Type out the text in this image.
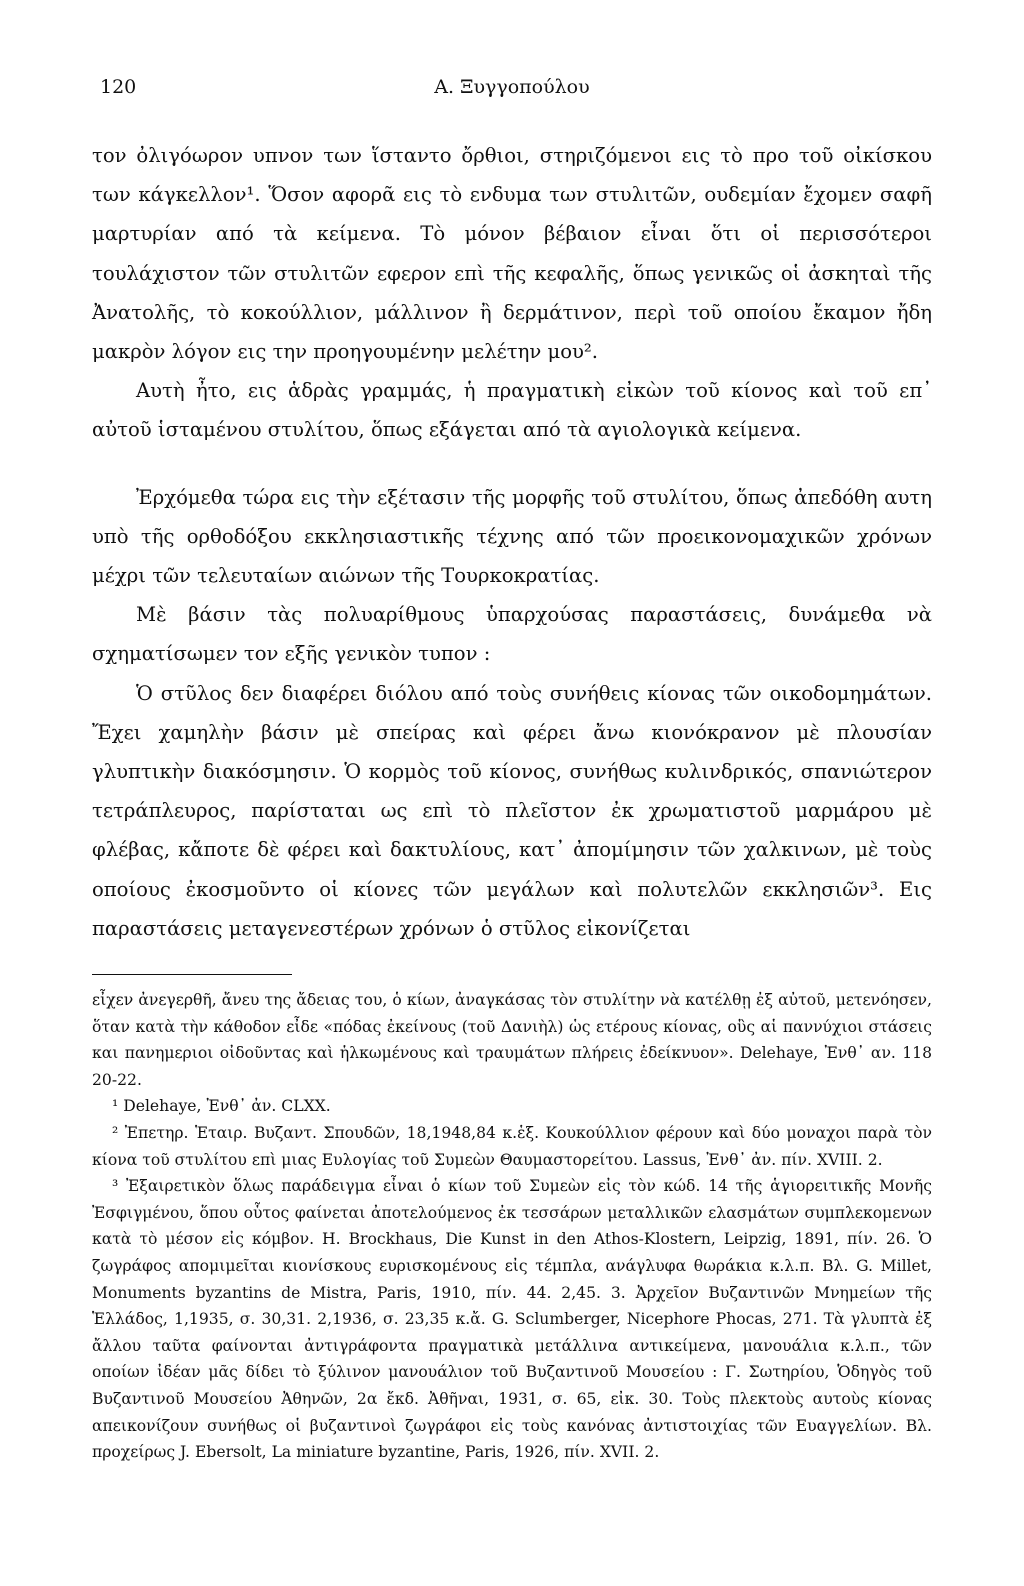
120	Α. Ξυγγοπούλου

τον ὀλιγόωρον υπνον των ἵσταντο ὄρθιοι, στηριζόμενοι εις τὸ προ τοῦ οἰκίσκου των κάγκελλον¹. Ὅσον αφορᾶ εις τὸ ενδυμα των στυλιτῶν, ουδεμίαν ἔχομεν σαφῆ μαρτυρίαν από τὰ κείμενα. Τὸ μόνον βέβαιον εἶναι ὅτι οἱ περισσότεροι τουλάχιστον τῶν στυλιτῶν εφερον επὶ τῆς κεφαλῆς, ὅπως γενικῶς οἱ ἀσκηταὶ τῆς Ἀνατολῆς, τὸ κοκούλλιον, μάλλινον ἢ δερμάτινον, περὶ τοῦ οποίου ἔκαμον ἤδη μακρὸν λόγον εις την προηγουμένην μελέτην μου².

Αυτὴ ἦτο, εις ἁδρὰς γραμμάς, ἡ πραγματικὴ εἰκὼν τοῦ κίονος καὶ τοῦ επ᾽ αὐτοῦ ἱσταμένου στυλίτου, ὅπως εξάγεται από τὰ αγιολογικὰ κείμενα.

Ἐρχόμεθα τώρα εις τὴν εξέτασιν τῆς μορφῆς τοῦ στυλίτου, ὅπως ἀπεδόθη αυτη υπὸ τῆς ορθοδόξου εκκλησιαστικῆς τέχνης από τῶν προεικονομαχικῶν χρόνων μέχρι τῶν τελευταίων αιώνων τῆς Τουρκοκρατίας.

Μὲ βάσιν τὰς πολυαρίθμους ὑπαρχούσας παραστάσεις, δυνάμεθα νὰ σχηματίσωμεν τον εξῆς γενικὸν τυπον :

Ὁ στῦλος δεν διαφέρει διόλου από τοὺς συνήθεις κίονας τῶν οικοδομημάτων. Ἔχει χαμηλὴν βάσιν μὲ σπείρας καὶ φέρει ἄνω κιονόκρανον μὲ πλουσίαν γλυπτικὴν διακόσμησιν. Ὁ κορμὸς τοῦ κίονος, συνήθως κυλινδρικός, σπανιώτερον τετράπλευρος, παρίσταται ως επὶ τὸ πλεῖστον ἐκ χρωματιστοῦ μαρμάρου μὲ φλέβας, κἄποτε δὲ φέρει καὶ δακτυλίους, κατ᾽ ἀπομίμησιν τῶν χαλκινων, μὲ τοὺς οποίους ἐκοσμοῦντο οἱ κίονες τῶν μεγάλων καὶ πολυτελῶν εκκλησιῶν³. Εις παραστάσεις μεταγενεστέρων χρόνων ὁ στῦλος εἰκονίζεται

εἶχεν ἀνεγερθῆ, ἄνευ της ἄδειας του, ὁ κίων, ἀναγκάσας τὸν στυλίτην νὰ κατέλθῃ ἐξ αὐτοῦ, μετενόησεν, ὅταν κατὰ τὴν κάθοδον εἶδε «πόδας ἐκείνους (τοῦ Δανιὴλ) ὡς ετέρους κίονας, οὓς αἱ παννύχιοι στάσεις και πανημεριοι οἰδοῦντας καὶ ἡλκωμένους καὶ τραυμάτων πλήρεις ἐδείκνυον». Delehaye, Ἐνθ᾽ αν. 118 20-22.

¹ Delehaye, Ἐνθ᾽ ἀν. CLXX.

² Ἐπετηρ. Ἑταιρ. Βυζαντ. Σπουδῶν, 18,1948,84 κ.ἑξ. Κουκούλλιον φέρουν καὶ δύο μοναχοι παρὰ τὸν κίονα τοῦ στυλίτου επὶ μιας Ευλογίας τοῦ Συμεὼν Θαυμαστορείτου. Lassus, Ἐνθ᾽ ἀν. πίν. XVIII. 2.

³ Ἐξαιρετικὸν ὅλως παράδειγμα εἶναι ὁ κίων τοῦ Συμεὼν εἰς τὸν κώδ. 14 τῆς ἁγιορειτικῆς Μονῆς Ἐσφιγμένου, ὅπου οὗτος φαίνεται ἀποτελούμενος ἐκ τεσσάρων μεταλλικῶν ελασμάτων συμπλεκομενων κατὰ τὸ μέσον εἰς κόμβον. H. Brockhaus, Die Kunst in den Athos-Klostern, Leipzig, 1891, πίν. 26. Ὁ ζωγράφος απομιμεῖται κιονίσκους ευρισκομένους εἰς τέμπλα, ανάγλυφα θωράκια κ.λ.π. Βλ. G. Millet, Monuments byzantins de Mistra, Paris, 1910, πίν. 44. 2,45. 3. Ἀρχεῖον Βυζαντινῶν Μνημείων τῆς Ἑλλάδος, 1,1935, σ. 30,31. 2,1936, σ. 23,35 κ.ἄ. G. Sclumberger, Nicephore Phocas, 271. Τὰ γλυπτὰ ἐξ ἄλλου ταῦτα φαίνονται ἀντιγράφοντα πραγματικὰ μετάλλινα αντικείμενα, μανουάλια κ.λ.π., τῶν οποίων ἰδέαν μᾶς δίδει τὸ ξύλινον μανουάλιον τοῦ Βυζαντινοῦ Μουσείου : Γ. Σωτηρίου, Ὁδηγὸς τοῦ Βυζαντινοῦ Μουσείου Ἀθηνῶν, 2α ἔκδ. Ἀθῆναι, 1931, σ. 65, εἰκ. 30. Τοὺς πλεκτοὺς αυτοὺς κίονας απεικονίζουν συνήθως οἱ βυζαντινοὶ ζωγράφοι εἰς τοὺς κανόνας ἀντιστοιχίας τῶν Ευαγγελίων. Βλ. προχείρως J. Ebersolt, La miniature byzantine, Paris, 1926, πίν. XVII. 2.
